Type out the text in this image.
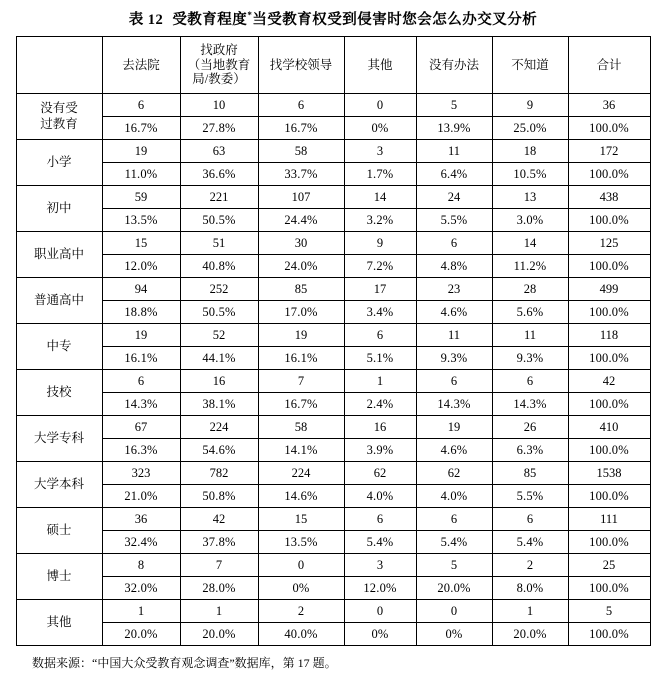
表 12 受教育程度*当受教育权受到侵害时您会怎么办交叉分析

	去法院	找政府
（当地教育
局/教委）	找学校领导	其他	没有办法	不知道	合计

没有受
过教育	6	10	6	0	5	9	36
	16.7%	27.8%	16.7%	0%	13.9%	25.0%	100.0%

小学	19	63	58	3	11	18	172
	11.0%	36.6%	33.7%	1.7%	6.4%	10.5%	100.0%

初中	59	221	107	14	24	13	438
	13.5%	50.5%	24.4%	3.2%	5.5%	3.0%	100.0%

职业高中	15	51	30	9	6	14	125
	12.0%	40.8%	24.0%	7.2%	4.8%	11.2%	100.0%

普通高中	94	252	85	17	23	28	499
	18.8%	50.5%	17.0%	3.4%	4.6%	5.6%	100.0%

中专	19	52	19	6	11	11	118
	16.1%	44.1%	16.1%	5.1%	9.3%	9.3%	100.0%

技校	6	16	7	1	6	6	42
	14.3%	38.1%	16.7%	2.4%	14.3%	14.3%	100.0%

大学专科	67	224	58	16	19	26	410
	16.3%	54.6%	14.1%	3.9%	4.6%	6.3%	100.0%

大学本科	323	782	224	62	62	85	1538
	21.0%	50.8%	14.6%	4.0%	4.0%	5.5%	100.0%

硕士	36	42	15	6	6	6	111
	32.4%	37.8%	13.5%	5.4%	5.4%	5.4%	100.0%

博士	8	7	0	3	5	2	25
	32.0%	28.0%	0%	12.0%	20.0%	8.0%	100.0%

其他	1	1	2	0	0	1	5
	20.0%	20.0%	40.0%	0%	0%	20.0%	100.0%
数据来源：“中国大众受教育观念调查”数据库，第 17 题。
